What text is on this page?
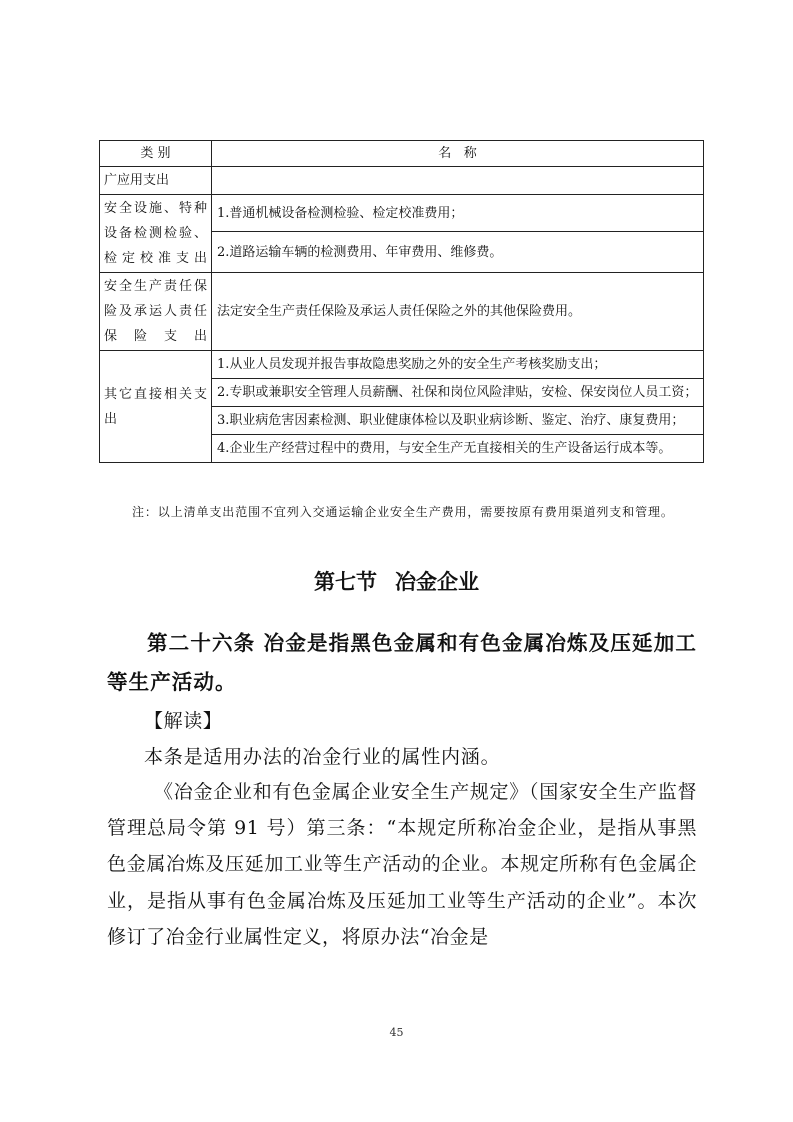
类 别	名   称
广应用支出	
安全设施、特种设备检测检验、检定校准支出	1.普通机械设备检测检验、检定校准费用；
	2.道路运输车辆的检测费用、年审费用、维修费。
安全生产责任保险及承运人责任保险支出	法定安全生产责任保险及承运人责任保险之外的其他保险费用。
其它直接相关支出	1.从业人员发现并报告事故隐患奖励之外的安全生产考核奖励支出；
	2.专职或兼职安全管理人员薪酬、社保和岗位风险津贴，安检、保安岗位人员工资；
	3.职业病危害因素检测、职业健康体检以及职业病诊断、鉴定、治疗、康复费用；
	4.企业生产经营过程中的费用，与安全生产无直接相关的生产设备运行成本等。
注：以上清单支出范围不宜列入交通运输企业安全生产费用，需要按原有费用渠道列支和管理。
第七节 冶金企业
第二十六条 冶金是指黑色金属和有色金属冶炼及压延加工等生产活动。
【解读】
本条是适用办法的冶金行业的属性内涵。
《冶金企业和有色金属企业安全生产规定》（国家安全生产监督管理总局令第 91 号）第三条：“本规定所称冶金企业，是指从事黑色金属冶炼及压延加工业等生产活动的企业。本规定所称有色金属企业，是指从事有色金属冶炼及压延加工业等生产活动的企业”。本次修订了冶金行业属性定义，将原办法“冶金是
45
